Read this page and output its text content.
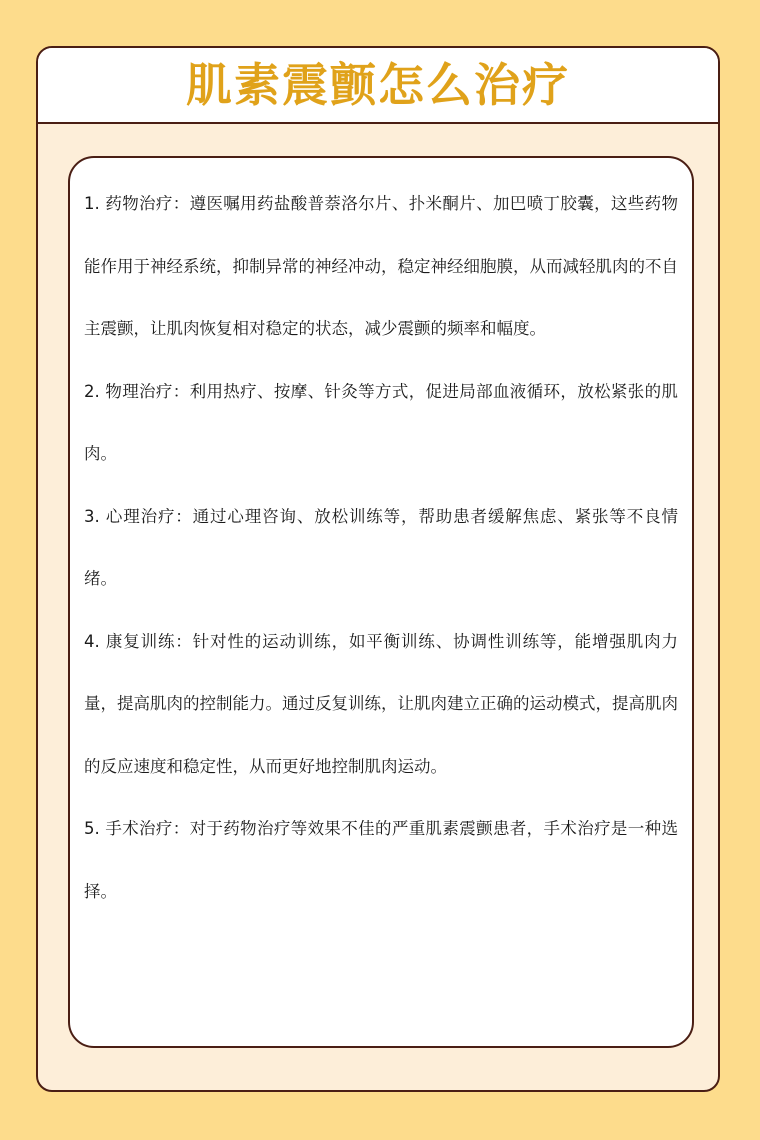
肌素震颤怎么治疗

1. 药物治疗：遵医嘱用药盐酸普萘洛尔片、扑米酮片、加巴喷丁胶囊，这些药物能作用于神经系统，抑制异常的神经冲动，稳定神经细胞膜，从而减轻肌肉的不自主震颤，让肌肉恢复相对稳定的状态，减少震颤的频率和幅度。

2. 物理治疗：利用热疗、按摩、针灸等方式，促进局部血液循环，放松紧张的肌肉。

3. 心理治疗：通过心理咨询、放松训练等，帮助患者缓解焦虑、紧张等不良情绪。

4. 康复训练：针对性的运动训练，如平衡训练、协调性训练等，能增强肌肉力量，提高肌肉的控制能力。通过反复训练，让肌肉建立正确的运动模式，提高肌肉的反应速度和稳定性，从而更好地控制肌肉运动。

5. 手术治疗：对于药物治疗等效果不佳的严重肌素震颤患者，手术治疗是一种选择。
